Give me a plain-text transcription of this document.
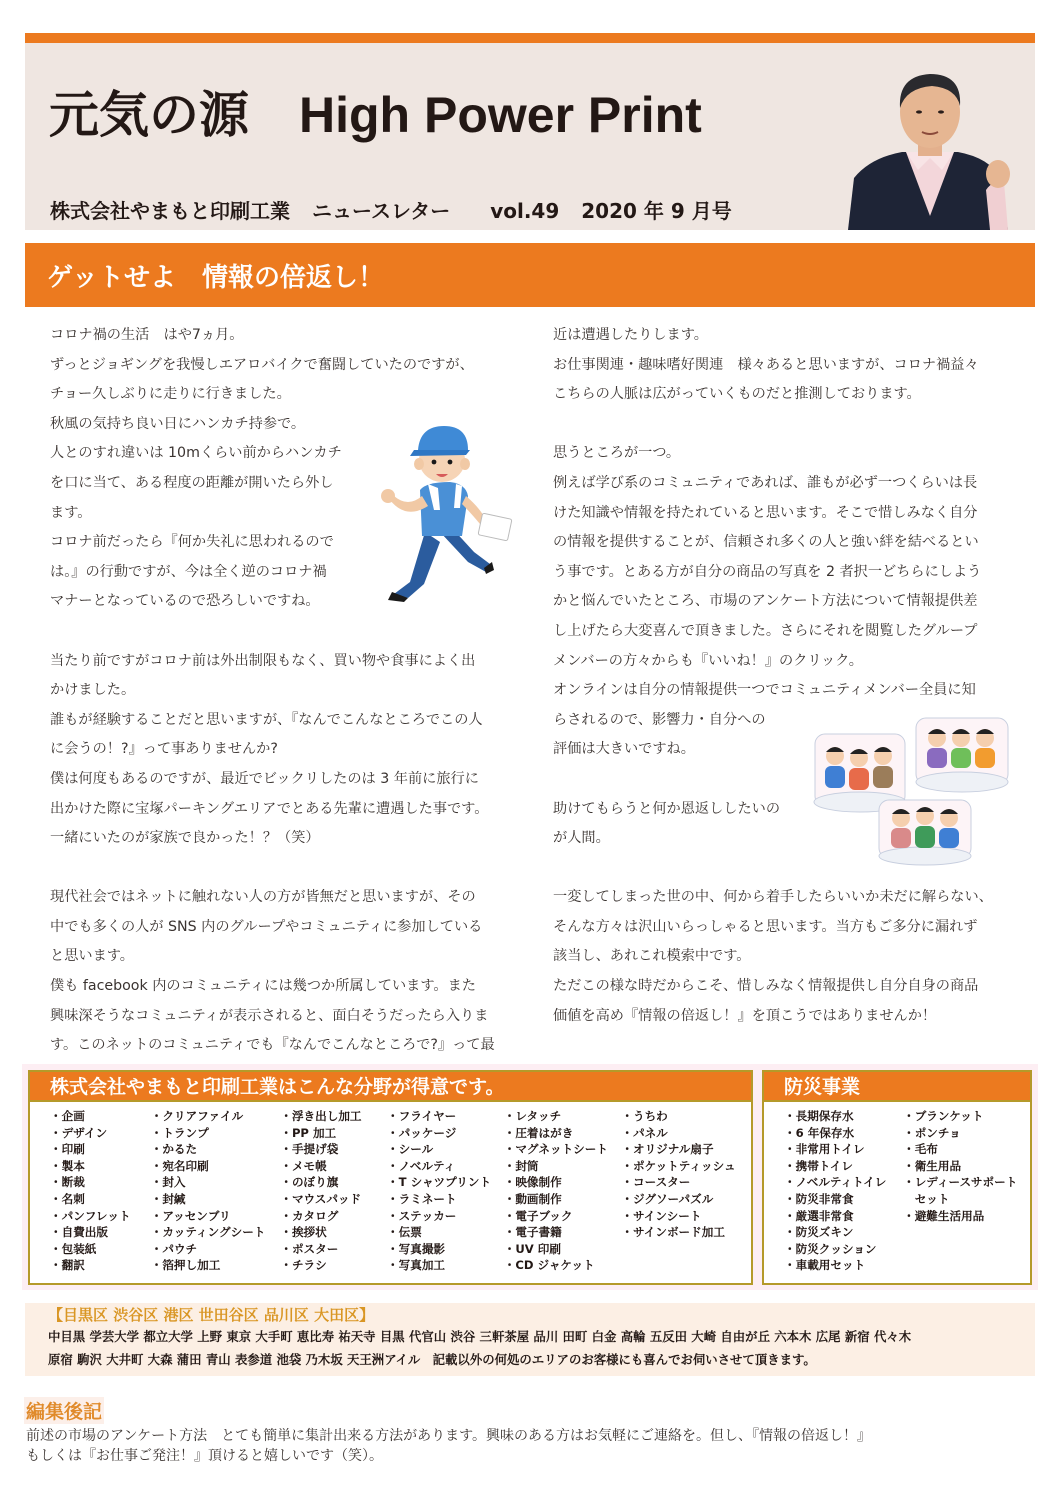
元気の源　 High Power Print
株式会社やまもと印刷工業 ニュースレター vol.49 2020 年 9 月号
ゲットせよ　情報の倍返し！

コロナ禍の生活　はや7ヵ月。

ずっとジョギングを我慢しエアロバイクで奮闘していたのですが、

チョー久しぶりに走りに行きました。

秋風の気持ち良い日にハンカチ持参で。

人とのすれ違いは 10mくらい前からハンカチ

を口に当て、ある程度の距離が開いたら外し

ます。

コロナ前だったら『何か失礼に思われるので

は。』の行動ですが、今は全く逆のコロナ禍

マナーとなっているので恐ろしいですね。

当たり前ですがコロナ前は外出制限もなく、買い物や食事によく出

かけました。

誰もが経験することだと思いますが、『なんでこんなところでこの人

に会うの！?』って事ありませんか?

僕は何度もあるのですが、最近でビックリしたのは 3 年前に旅行に

出かけた際に宝塚パーキングエリアでとある先輩に遭遇した事です。

一緒にいたのが家族で良かった！？（笑）

現代社会ではネットに触れない人の方が皆無だと思いますが、その

中でも多くの人が SNS 内のグループやコミュニティに参加している

と思います。

僕も facebook 内のコミュニティには幾つか所属しています。また

興味深そうなコミュニティが表示されると、面白そうだったら入りま

す。このネットのコミュニティでも『なんでこんなところで?』って最

近は遭遇したりします。

お仕事関連・趣味嗜好関連　様々あると思いますが、コロナ禍益々

こちらの人脈は広がっていくものだと推測しております。

思うところが一つ。

例えば学び系のコミュニティであれば、誰もが必ず一つくらいは長

けた知識や情報を持たれていると思います。そこで惜しみなく自分

の情報を提供することが、信頼され多くの人と強い絆を結べるとい

う事です。とある方が自分の商品の写真を 2 者択一どちらにしよう

かと悩んでいたところ、市場のアンケート方法について情報提供差

し上げたら大変喜んで頂きました。さらにそれを閲覧したグループ

メンバーの方々からも『いいね！』のクリック。

オンラインは自分の情報提供一つでコミュニティメンバー全員に知

らされるので、影響力・自分への

評価は大きいですね。

助けてもらうと何か恩返ししたいの

が人間。

一変してしまった世の中、何から着手したらいいか未だに解らない、

そんな方々は沢山いらっしゃると思います。当方もご多分に漏れず

該当し、あれこれ模索中です。

ただこの様な時だからこそ、惜しみなく情報提供し自分自身の商品

価値を高め『情報の倍返し！』を頂こうではありませんか！

株式会社やまもと印刷工業はこんな分野が得意です。
・企画
・デザイン
・印刷
・製本
・断裁
・名刺
・パンフレット
・自費出版
・包装紙
・翻訳
・クリアファイル
・トランプ
・かるた
・宛名印刷
・封入
・封緘
・アッセンブリ
・カッティングシート
・パウチ
・箔押し加工
・浮き出し加工
・PP 加工
・手提げ袋
・メモ帳
・のぼり旗
・マウスパッド
・カタログ
・挨拶状
・ポスター
・チラシ
・フライヤー
・パッケージ
・シール
・ノベルティ
・T シャツプリント
・ラミネート
・ステッカー
・伝票
・写真撮影
・写真加工
・レタッチ
・圧着はがき
・マグネットシート
・封筒
・映像制作
・動画制作
・電子ブック
・電子書籍
・UV 印刷
・CD ジャケット
・うちわ
・パネル
・オリジナル扇子
・ポケットティッシュ
・コースター
・ジグソーパズル
・サインシート
・サインボード加工
防災事業
・長期保存水
・6 年保存水
・非常用トイレ
・携帯トイレ
・ノベルティトイレ
・防災非常食
・厳選非常食
・防災ズキン
・防災クッション
・車載用セット
・ブランケット
・ポンチョ
・毛布
・衛生用品
・レディースサポート
　セット
・避難生活用品
【目黒区 渋谷区 港区 世田谷区 品川区 大田区】
中目黒 学芸大学 都立大学 上野 東京 大手町 恵比寿 祐天寺 目黒 代官山 渋谷 三軒茶屋 品川 田町 白金 高輪 五反田 大崎 自由が丘 六本木 広尾 新宿 代々木
原宿 駒沢 大井町 大森 蒲田 青山 表参道 池袋 乃木坂 天王洲アイル　記載以外の何処のエリアのお客様にも喜んでお伺いさせて頂きます。
編集後記
前述の市場のアンケート方法　とても簡単に集計出来る方法があります。興味のある方はお気軽にご連絡を。但し、『情報の倍返し！』
もしくは『お仕事ご発注！』頂けると嬉しいです（笑）。
